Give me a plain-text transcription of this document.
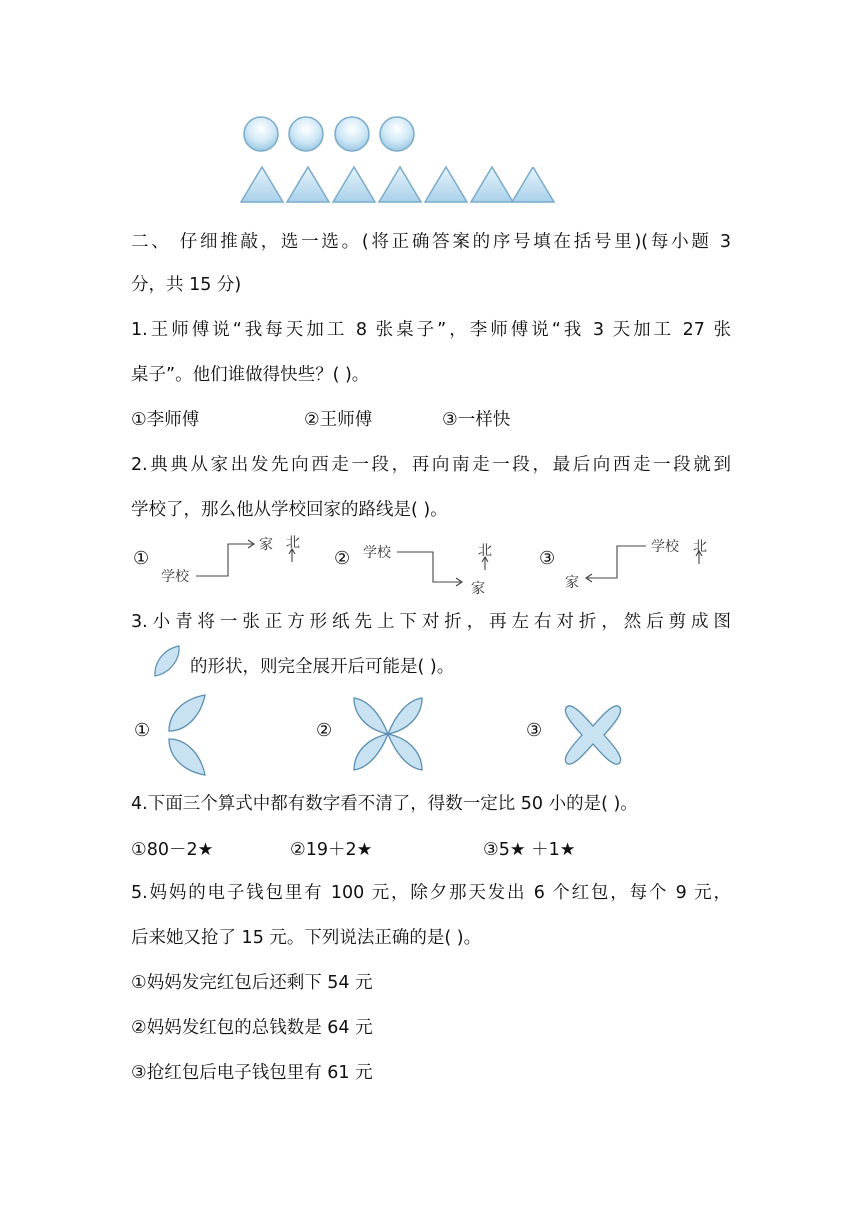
二、 仔细推敲，选一选。(将正确答案的序号填在括号里)(每小题 3
分，共 15 分)
1.王师傅说“我每天加工 8 张桌子”，李师傅说“我 3 天加工 27 张
桌子”。他们谁做得快些？( )。
①李师傅	②王师傅	③一样快
2.典典从家出发先向西走一段，再向南走一段，最后向西走一段就到
学校了，那么他从学校回家的路线是( )。
①
学校
家 北
② 学校
家
北	③
学校
家
北
3.小青将一张正方形纸先上下对折，再左右对折，然后剪成图
的形状，则完全展开后可能是( )。
①	②	③
4.下面三个算式中都有数字看不清了，得数一定比 50 小的是( )。
①80－2★	②19＋2★	③5★ ＋1★
5.妈妈的电子钱包里有 100 元，除夕那天发出 6 个红包，每个 9 元，
后来她又抢了 15 元。下列说法正确的是( )。
①妈妈发完红包后还剩下 54 元
②妈妈发红包的总钱数是 64 元
③抢红包后电子钱包里有 61 元
